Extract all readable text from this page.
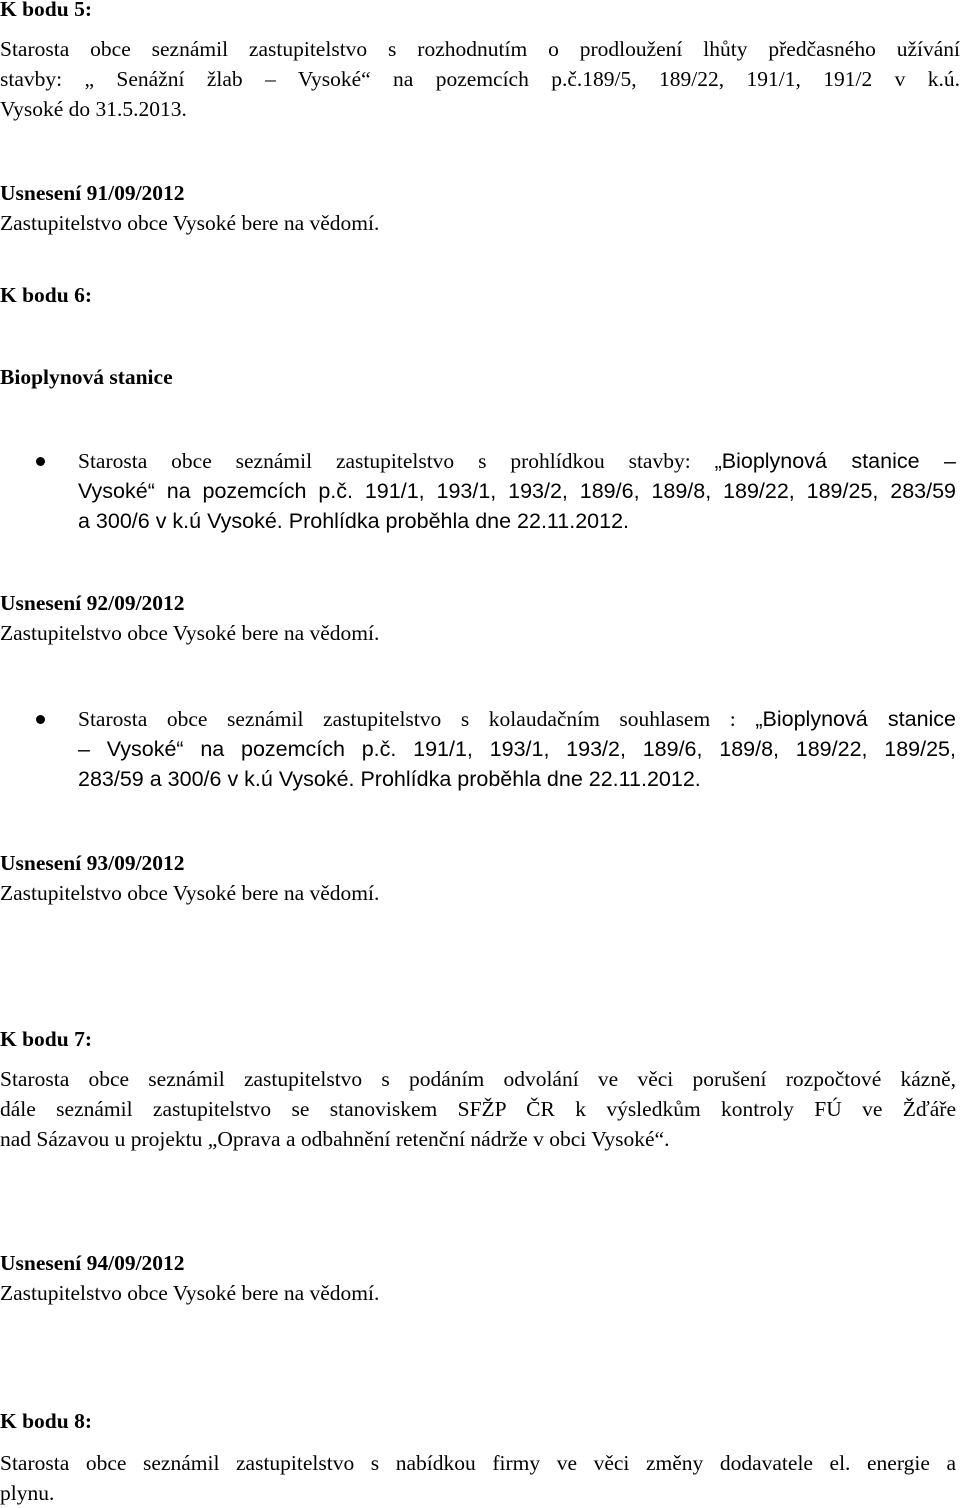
K bodu 5:
Starosta obce seznámil zastupitelstvo s rozhodnutím o prodloužení lhůty předčasného užívání
stavby: „ Senážní žlab – Vysoké“ na pozemcích p.č.189/5, 189/22, 191/1, 191/2 v k.ú.
Vysoké do 31.5.2013.
Usnesení 91/09/2012
Zastupitelstvo obce Vysoké bere na vědomí.
K bodu 6:
Bioplynová stanice
Starosta obce seznámil zastupitelstvo s prohlídkou stavby: „Bioplynová stanice –
Vysoké“ na pozemcích p.č. 191/1, 193/1, 193/2, 189/6, 189/8, 189/22, 189/25, 283/59
a 300/6 v k.ú Vysoké. Prohlídka proběhla dne 22.11.2012.
Usnesení 92/09/2012
Zastupitelstvo obce Vysoké bere na vědomí.
Starosta obce seznámil zastupitelstvo s kolaudačním souhlasem : „Bioplynová stanice
– Vysoké“ na pozemcích p.č. 191/1, 193/1, 193/2, 189/6, 189/8, 189/22, 189/25,
283/59 a 300/6 v k.ú Vysoké. Prohlídka proběhla dne 22.11.2012.
Usnesení 93/09/2012
Zastupitelstvo obce Vysoké bere na vědomí.
K bodu 7:
Starosta obce seznámil zastupitelstvo s podáním odvolání ve věci porušení rozpočtové kázně,
dále seznámil zastupitelstvo se stanoviskem SFŽP ČR k výsledkům kontroly FÚ ve Žďáře
nad Sázavou u projektu „Oprava a odbahnění retenční nádrže v obci Vysoké“.
Usnesení 94/09/2012
Zastupitelstvo obce Vysoké bere na vědomí.
K bodu 8:
Starosta obce seznámil zastupitelstvo s nabídkou firmy ve věci změny dodavatele el. energie a
plynu.
